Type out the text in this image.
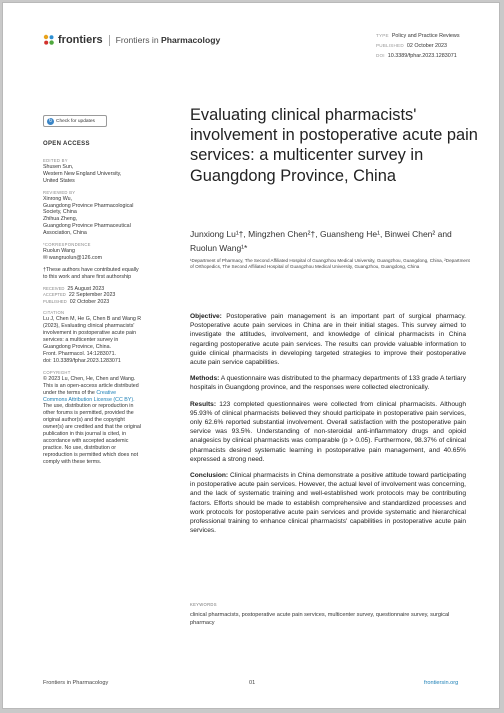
frontiers Frontiers in Pharmacology	TYPE Policy and Practice Reviews
PUBLISHED 02 October 2023
DOI 10.3389/fphar.2023.1283071
↻ Check for updates
OPEN ACCESS
EDITED BY
Shusen Sun,
Western New England University,
United States
REVIEWED BY
Xinrong Wu,
Guangdong Province Pharmacological
Society, China
Zhihua Zheng,
Guangdong Province Pharmaceutical
Association, China
*CORRESPONDENCE
Ruolun Wang
✉ wangruolun@126.com
†These authors have contributed equally
to this work and share first authorship
RECEIVED 25 August 2023
ACCEPTED 22 September 2023
PUBLISHED 02 October 2023
CITATION
Lu J, Chen M, He G, Chen B and Wang R
(2023), Evaluating clinical pharmacists'
involvement in postoperative acute pain
services: a multicenter survey in
Guangdong Province, China.
Front. Pharmacol. 14:1283071.
doi: 10.3389/fphar.2023.1283071
COPYRIGHT
© 2023 Lu, Chen, He, Chen and Wang.
This is an open-access article distributed
under the terms of the Creative
Commons Attribution License (CC BY).
The use, distribution or reproduction in
other forums is permitted, provided the
original author(s) and the copyright
owner(s) are credited and that the original
publication in this journal is cited, in
accordance with accepted academic
practice. No use, distribution or
reproduction is permitted which does not
comply with these terms.
Evaluating clinical pharmacists' involvement in postoperative acute pain services: a multicenter survey in Guangdong Province, China
Junxiong Lu¹†, Mingzhen Chen²†, Guansheng He¹, Binwei Chen² and Ruolun Wang¹*
¹Department of Pharmacy, The Second Affiliated Hospital of Guangzhou Medical University, Guangzhou, Guangdong, China, ²Department of Orthopedics, The Second Affiliated Hospital of Guangzhou Medical University, Guangzhou, Guangdong, China

Objective: Postoperative pain management is an important part of surgical pharmacy. Postoperative acute pain services in China are in their initial stages. This survey aimed to investigate the attitudes, involvement, and knowledge of clinical pharmacists in China regarding postoperative acute pain services. The results can provide valuable information to guide clinical pharmacists in developing targeted strategies to improve their postoperative acute pain service capabilities.

Methods: A questionnaire was distributed to the pharmacy departments of 133 grade A tertiary hospitals in Guangdong province, and the responses were collected electronically.

Results: 123 completed questionnaires were collected from clinical pharmacists. Although 95.93% of clinical pharmacists believed they should participate in postoperative pain services, only 62.6% reported substantial involvement. Overall satisfaction with the postoperative pain service was 93.5%. Understanding of non-steroidal anti-inflammatory drugs and opioid analgesics by clinical pharmacists was comparable (p > 0.05). Furthermore, 98.37% of clinical pharmacists desired systematic learning in postoperative pain management, and 40.65% expressed a strong need.

Conclusion: Clinical pharmacists in China demonstrate a positive attitude toward participating in postoperative acute pain services. However, the actual level of involvement was concerning, and the lack of systematic training and well-established work protocols may be contributing factors. Efforts should be made to establish comprehensive and standardized processes and work protocols for postoperative acute pain services and provide systematic and hierarchical professional training to enhance clinical pharmacists' capabilities in postoperative acute pain services.

KEYWORDS
clinical pharmacists, postoperative acute pain services, multicenter survey, questionnaire survey, surgical pharmacy
Frontiers in Pharmacology	01	frontiersin.org
